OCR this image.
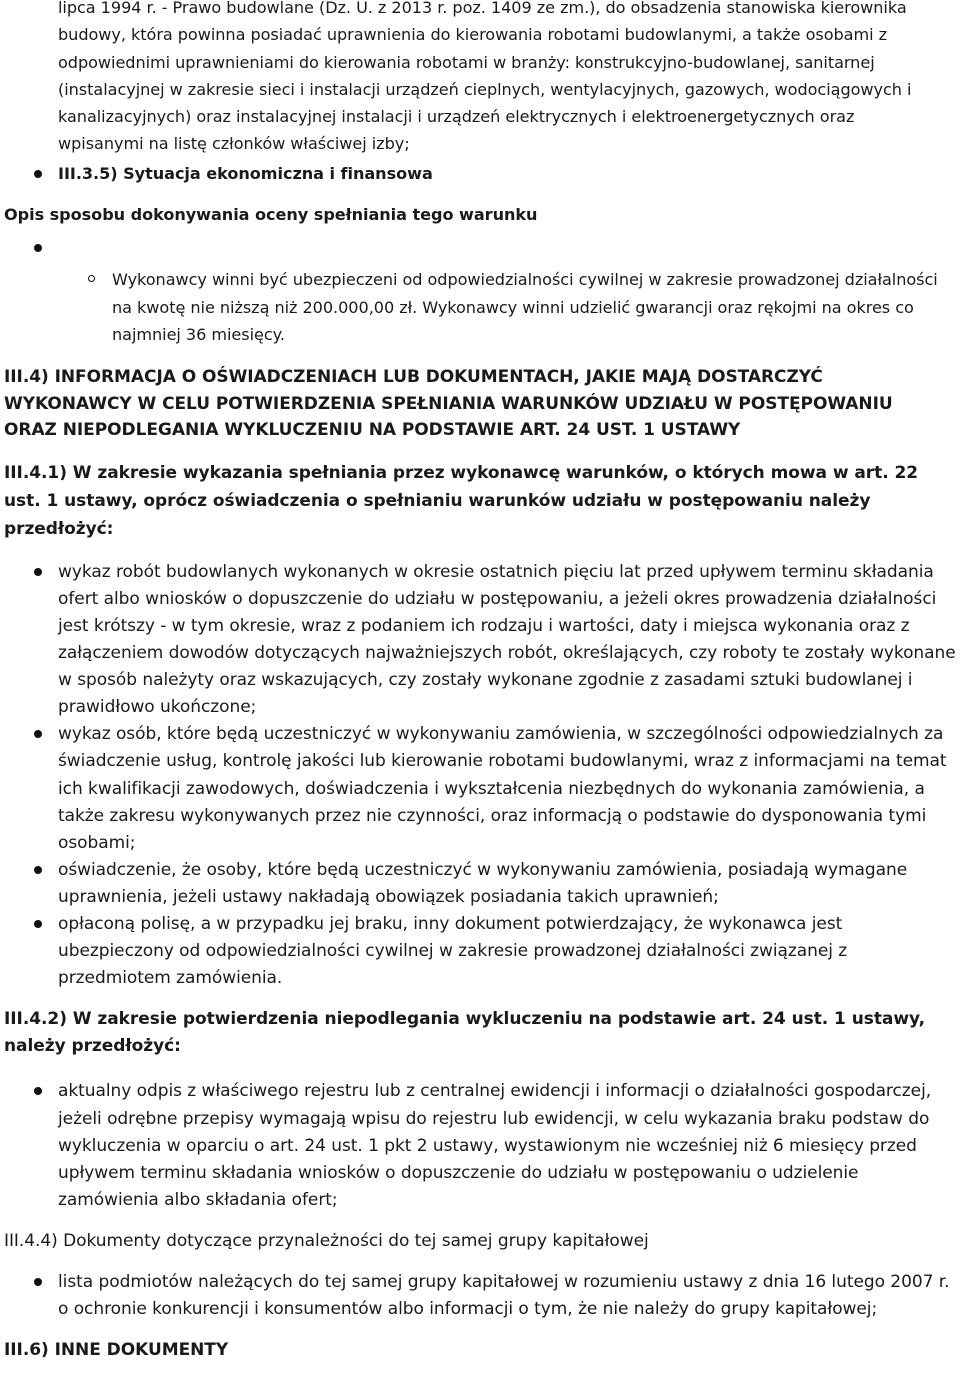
lipca 1994 r. - Prawo budowlane (Dz. U. z 2013 r. poz. 1409 ze zm.), do obsadzenia stanowiska kierownika budowy, która powinna posiadać uprawnienia do kierowania robotami budowlanymi, a także osobami z odpowiednimi uprawnieniami do kierowania robotami w branży: konstrukcyjno-budowlanej, sanitarnej (instalacyjnej w zakresie sieci i instalacji urządzeń cieplnych, wentylacyjnych, gazowych, wodociągowych i kanalizacyjnych) oraz instalacyjnej instalacji i urządzeń elektrycznych i elektroenergetycznych oraz wpisanymi na listę członków właściwej izby;

III.3.5) Sytuacja ekonomiczna i finansowa

Opis sposobu dokonywania oceny spełniania tego warunku

Wykonawcy winni być ubezpieczeni od odpowiedzialności cywilnej w zakresie prowadzonej działalności na kwotę nie niższą niż 200.000,00 zł. Wykonawcy winni udzielić gwarancji oraz rękojmi na okres co najmniej 36 miesięcy.

III.4) INFORMACJA O OŚWIADCZENIACH LUB DOKUMENTACH, JAKIE MAJĄ DOSTARCZYĆ WYKONAWCY W CELU POTWIERDZENIA SPEŁNIANIA WARUNKÓW UDZIAŁU W POSTĘPOWANIU ORAZ NIEPODLEGANIA WYKLUCZENIU NA PODSTAWIE ART. 24 UST. 1 USTAWY

III.4.1) W zakresie wykazania spełniania przez wykonawcę warunków, o których mowa w art. 22 ust. 1 ustawy, oprócz oświadczenia o spełnianiu warunków udziału w postępowaniu należy przedłożyć:

wykaz robót budowlanych wykonanych w okresie ostatnich pięciu lat przed upływem terminu składania ofert albo wniosków o dopuszczenie do udziału w postępowaniu, a jeżeli okres prowadzenia działalności jest krótszy - w tym okresie, wraz z podaniem ich rodzaju i wartości, daty i miejsca wykonania oraz z załączeniem dowodów dotyczących najważniejszych robót, określających, czy roboty te zostały wykonane w sposób należyty oraz wskazujących, czy zostały wykonane zgodnie z zasadami sztuki budowlanej i prawidłowo ukończone;
wykaz osób, które będą uczestniczyć w wykonywaniu zamówienia, w szczególności odpowiedzialnych za świadczenie usług, kontrolę jakości lub kierowanie robotami budowlanymi, wraz z informacjami na temat ich kwalifikacji zawodowych, doświadczenia i wykształcenia niezbędnych do wykonania zamówienia, a także zakresu wykonywanych przez nie czynności, oraz informacją o podstawie do dysponowania tymi osobami;
oświadczenie, że osoby, które będą uczestniczyć w wykonywaniu zamówienia, posiadają wymagane uprawnienia, jeżeli ustawy nakładają obowiązek posiadania takich uprawnień;
opłaconą polisę, a w przypadku jej braku, inny dokument potwierdzający, że wykonawca jest ubezpieczony od odpowiedzialności cywilnej w zakresie prowadzonej działalności związanej z przedmiotem zamówienia.

III.4.2) W zakresie potwierdzenia niepodlegania wykluczeniu na podstawie art. 24 ust. 1 ustawy, należy przedłożyć:

aktualny odpis z właściwego rejestru lub z centralnej ewidencji i informacji o działalności gospodarczej, jeżeli odrębne przepisy wymagają wpisu do rejestru lub ewidencji, w celu wykazania braku podstaw do wykluczenia w oparciu o art. 24 ust. 1 pkt 2 ustawy, wystawionym nie wcześniej niż 6 miesięcy przed upływem terminu składania wniosków o dopuszczenie do udziału w postępowaniu o udzielenie zamówienia albo składania ofert;

III.4.4) Dokumenty dotyczące przynależności do tej samej grupy kapitałowej

lista podmiotów należących do tej samej grupy kapitałowej w rozumieniu ustawy z dnia 16 lutego 2007 r. o ochronie konkurencji i konsumentów albo informacji o tym, że nie należy do grupy kapitałowej;

III.6) INNE DOKUMENTY
